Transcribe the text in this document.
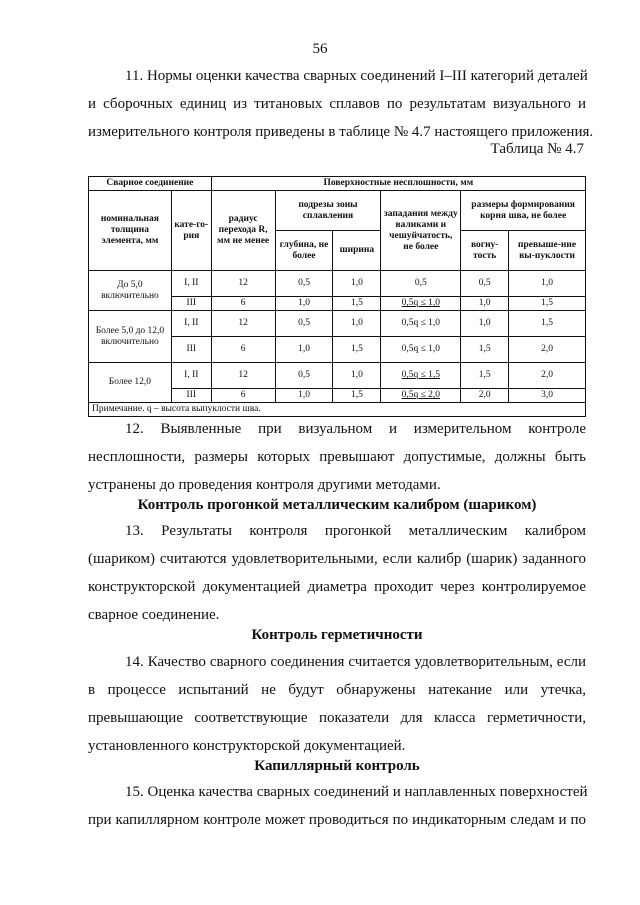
56
11. Нормы оценки качества сварных соединений I–III категорий деталей
и сборочных единиц из титановых сплавов по результатам визуального и
измерительного контроля приведены в таблице № 4.7 настоящего приложения.
Таблица № 4.7
Сварное соединение		Поверхностные несплошности, мм					
номинальная толщина элемента, мм	кате-го-рия	радиус перехода R, мм не менее	подрезы зоны сплавления		западания между валиками и чешуйчатость, не более	размеры формирования корня шва, не более	
			глубина, не более	ширина		вогну-тость	превыше-ние вы-пуклости
До 5,0 включительно	I, II	12	0,5	1,0	0,5	0,5	1,0
	III	6	1,0	1,5	0,5q ≤ 1,0	1,0	1,5
Более 5,0 до 12,0 включительно	I, II	12	0,5	1,0	0,5q ≤ 1,0	1,0	1,5
	III	6	1,0	1,5	0,5q ≤ 1,0	1,5	2,0
Более 12,0	I, II	12	0,5	1,0	0,5q ≤ 1,5	1,5	2,0
	III	6	1,0	1,5	0,5q ≤ 2,0	2,0	3,0
Примечание. q – высота выпуклости шва.							
12. Выявленные при визуальном и измерительном контроле
несплошности, размеры которых превышают допустимые, должны быть
устранены до проведения контроля другими методами.
Контроль прогонкой металлическим калибром (шариком)
13. Результаты контроля прогонкой металлическим калибром
(шариком) считаются удовлетворительными, если калибр (шарик) заданного
конструкторской документацией диаметра проходит через контролируемое
сварное соединение.
Контроль герметичности
14. Качество сварного соединения считается удовлетворительным, если
в процессе испытаний не будут обнаружены натекание или утечка,
превышающие соответствующие показатели для класса герметичности,
установленного конструкторской документацией.
Капиллярный контроль
15. Оценка качества сварных соединений и наплавленных поверхностей
при капиллярном контроле может проводиться по индикаторным следам и по
